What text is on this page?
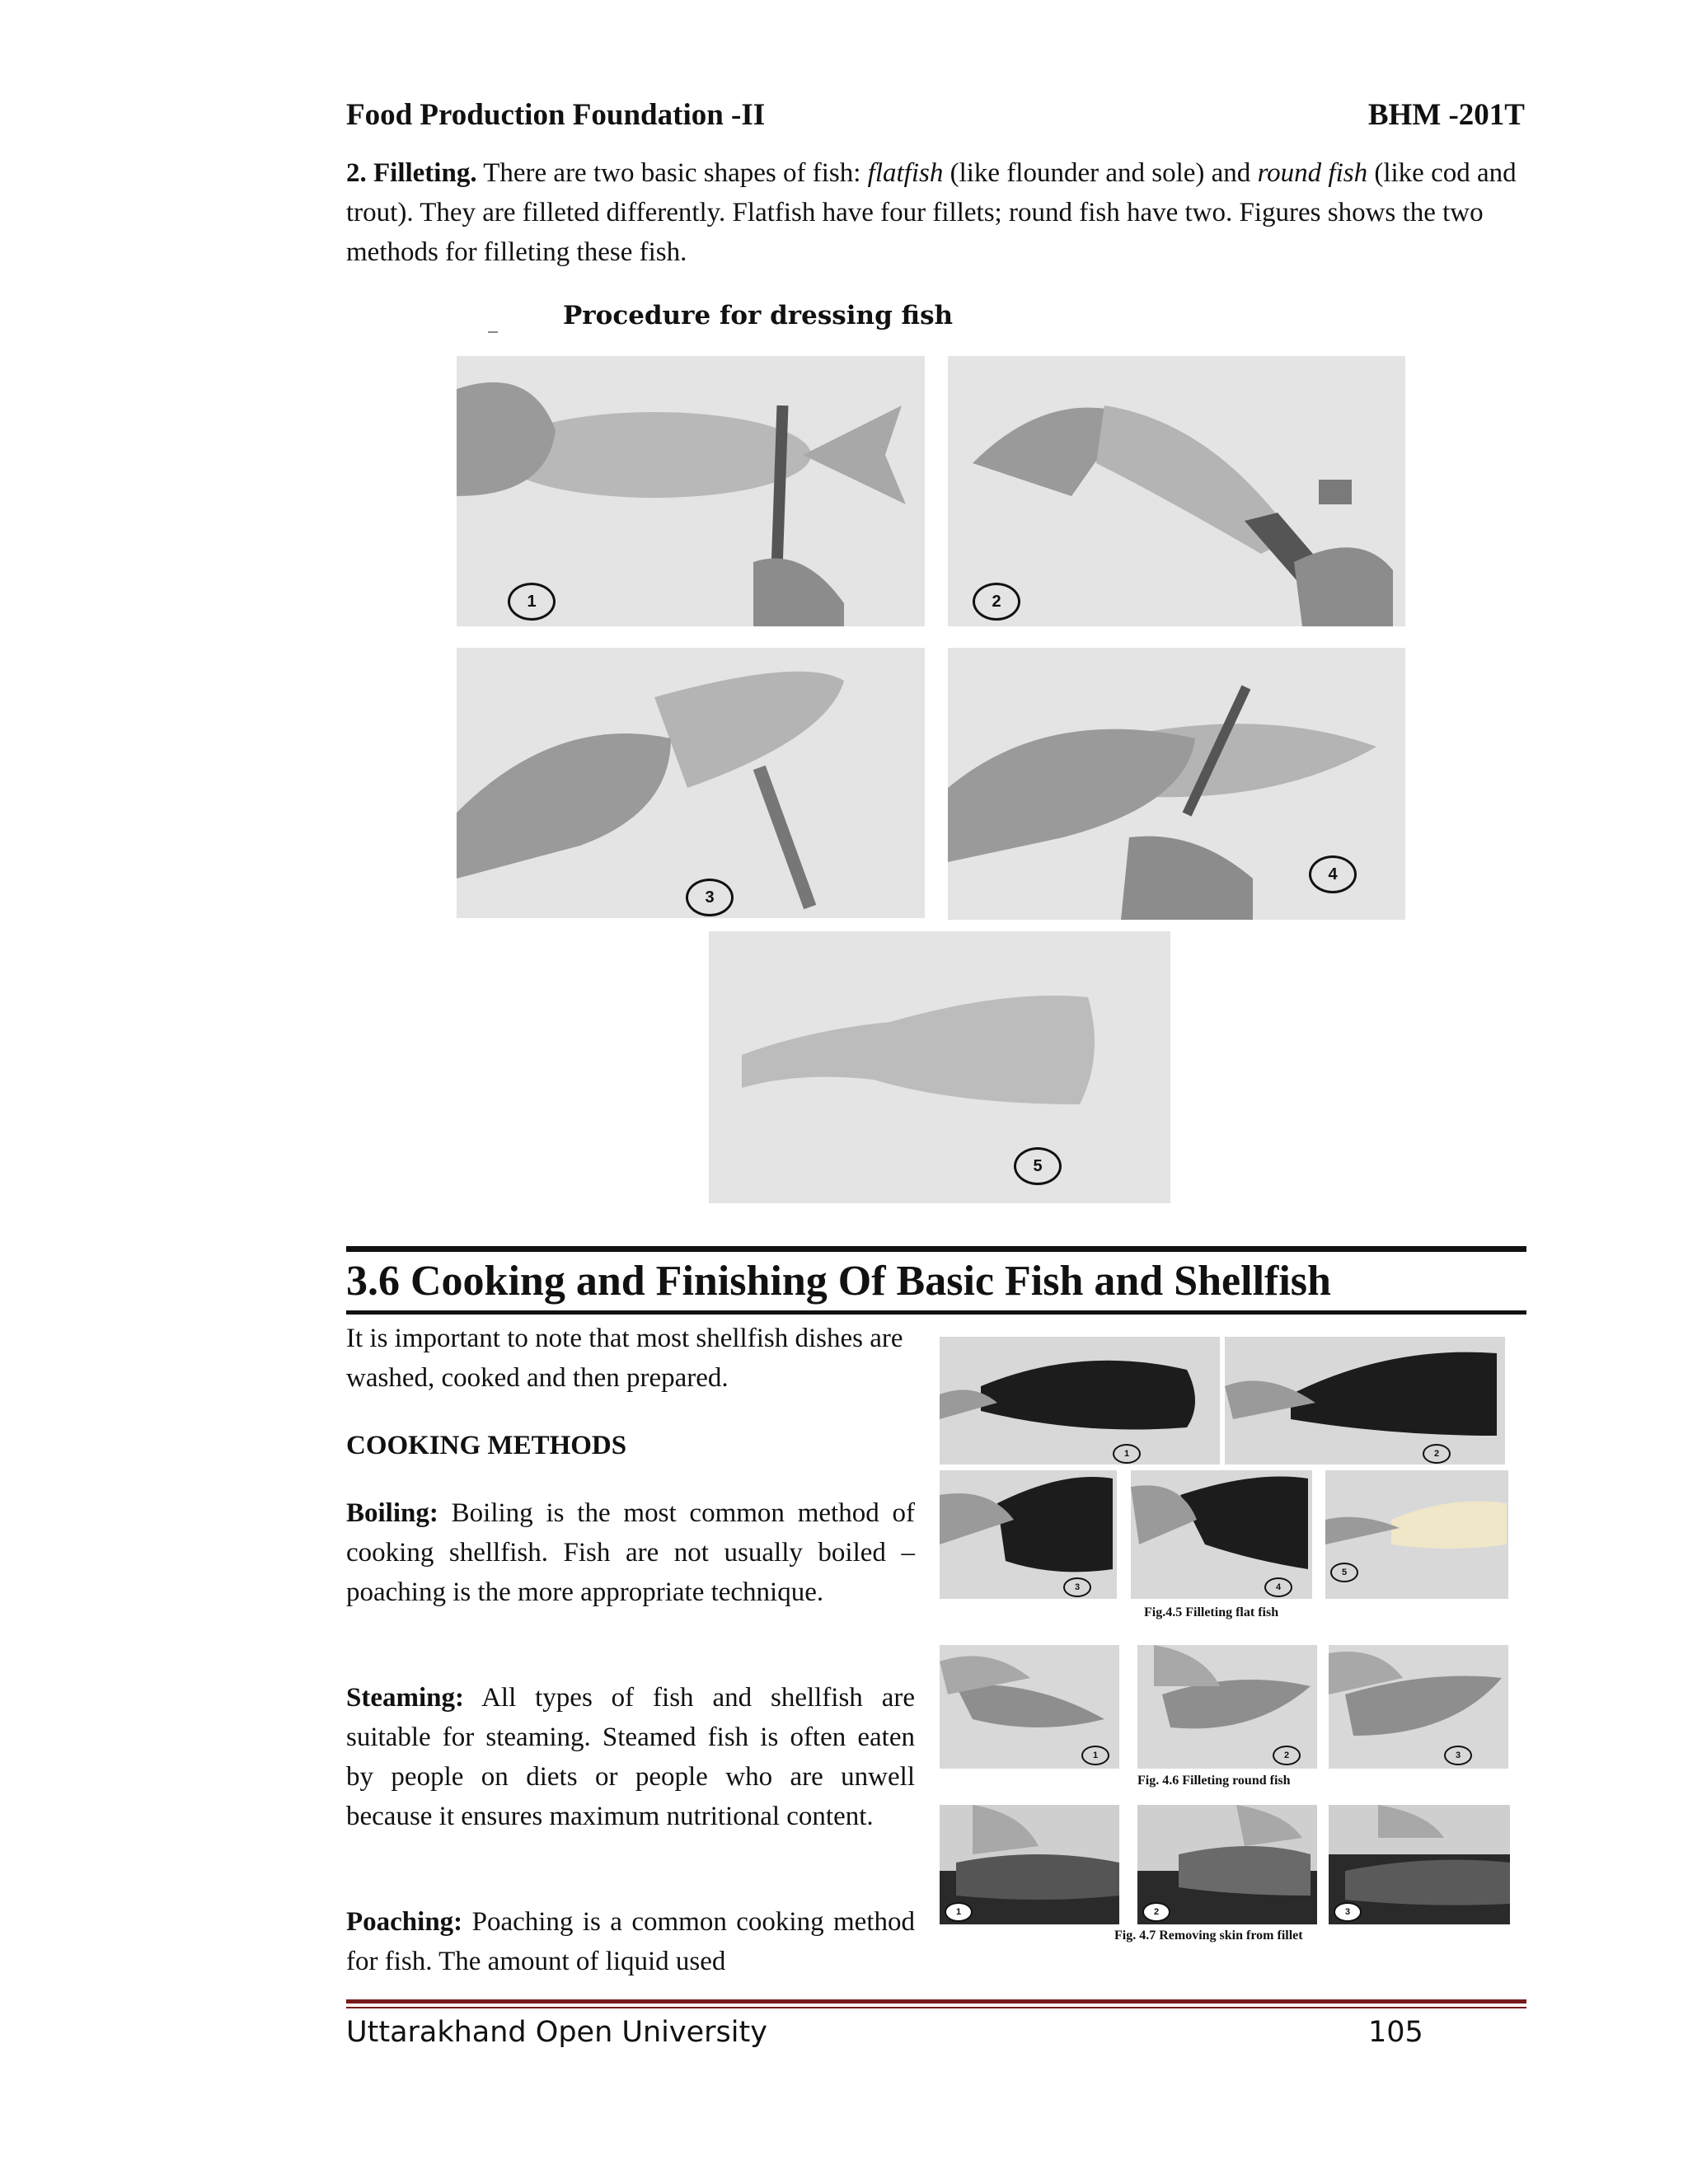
Food Production Foundation -II	BHM -201T
2. Filleting. There are two basic shapes of fish: flatfish (like flounder and sole) and round fish (like cod and trout). They are filleted differently. Flatfish have four fillets; round fish have two. Figures shows the two methods for filleting these fish.
Procedure for dressing fish
1	2
3
4
5
3.6 Cooking and Finishing Of Basic Fish and Shellfish
It is important to note that most shellfish dishes are washed, cooked and then prepared.
COOKING METHODS
Boiling: Boiling is the most common method of cooking shellfish. Fish are not usually boiled – poaching is the more appropriate technique.
Steaming: All types of fish and shellfish are suitable for steaming. Steamed fish is often eaten by people on diets or people who are unwell because it ensures maximum nutritional content.
Poaching: Poaching is a common cooking method for fish. The amount of liquid used
1	2
3	4
5
Fig.4.5 Filleting flat fish
1	2	3
Fig. 4.6 Filleting round fish
1	2	3
Fig. 4.7 Removing skin from fillet
Uttarakhand Open University	105
